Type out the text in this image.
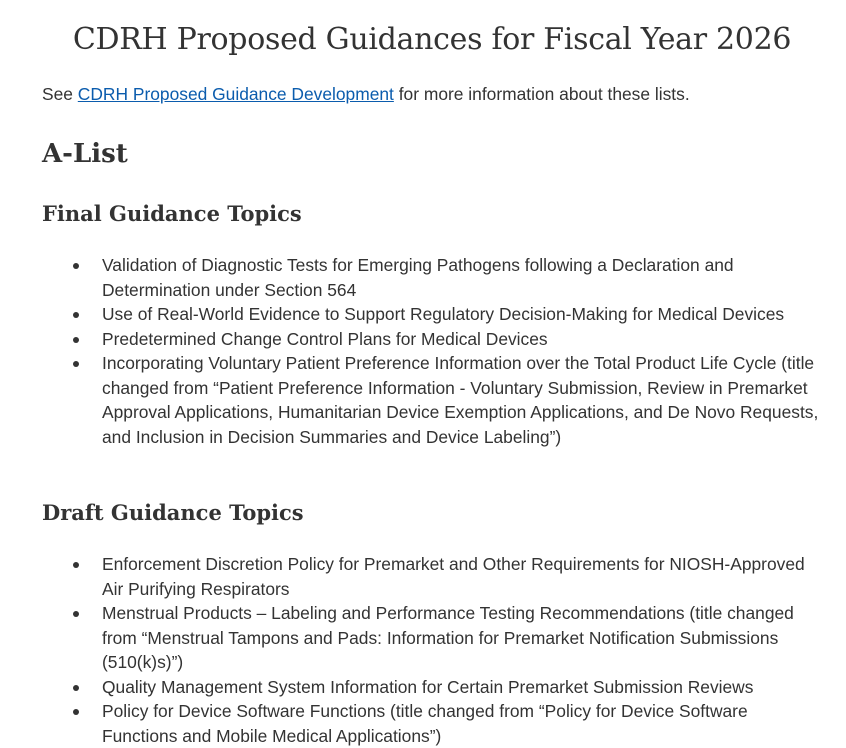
CDRH Proposed Guidances for Fiscal Year 2026

See CDRH Proposed Guidance Development for more information about these lists.

A-List
Final Guidance Topics
Validation of Diagnostic Tests for Emerging Pathogens following a Declaration and Determination under Section 564
Use of Real-World Evidence to Support Regulatory Decision-Making for Medical Devices
Predetermined Change Control Plans for Medical Devices
Incorporating Voluntary Patient Preference Information over the Total Product Life Cycle (title changed from “Patient Preference Information - Voluntary Submission, Review in Premarket Approval Applications, Humanitarian Device Exemption Applications, and De Novo Requests, and Inclusion in Decision Summaries and Device Labeling”)
Draft Guidance Topics
Enforcement Discretion Policy for Premarket and Other Requirements for NIOSH-Approved Air Purifying Respirators
Menstrual Products – Labeling and Performance Testing Recommendations (title changed from “Menstrual Tampons and Pads: Information for Premarket Notification Submissions (510(k)s)”)
Quality Management System Information for Certain Premarket Submission Reviews
Policy for Device Software Functions (title changed from “Policy for Device Software Functions and Mobile Medical Applications”)
